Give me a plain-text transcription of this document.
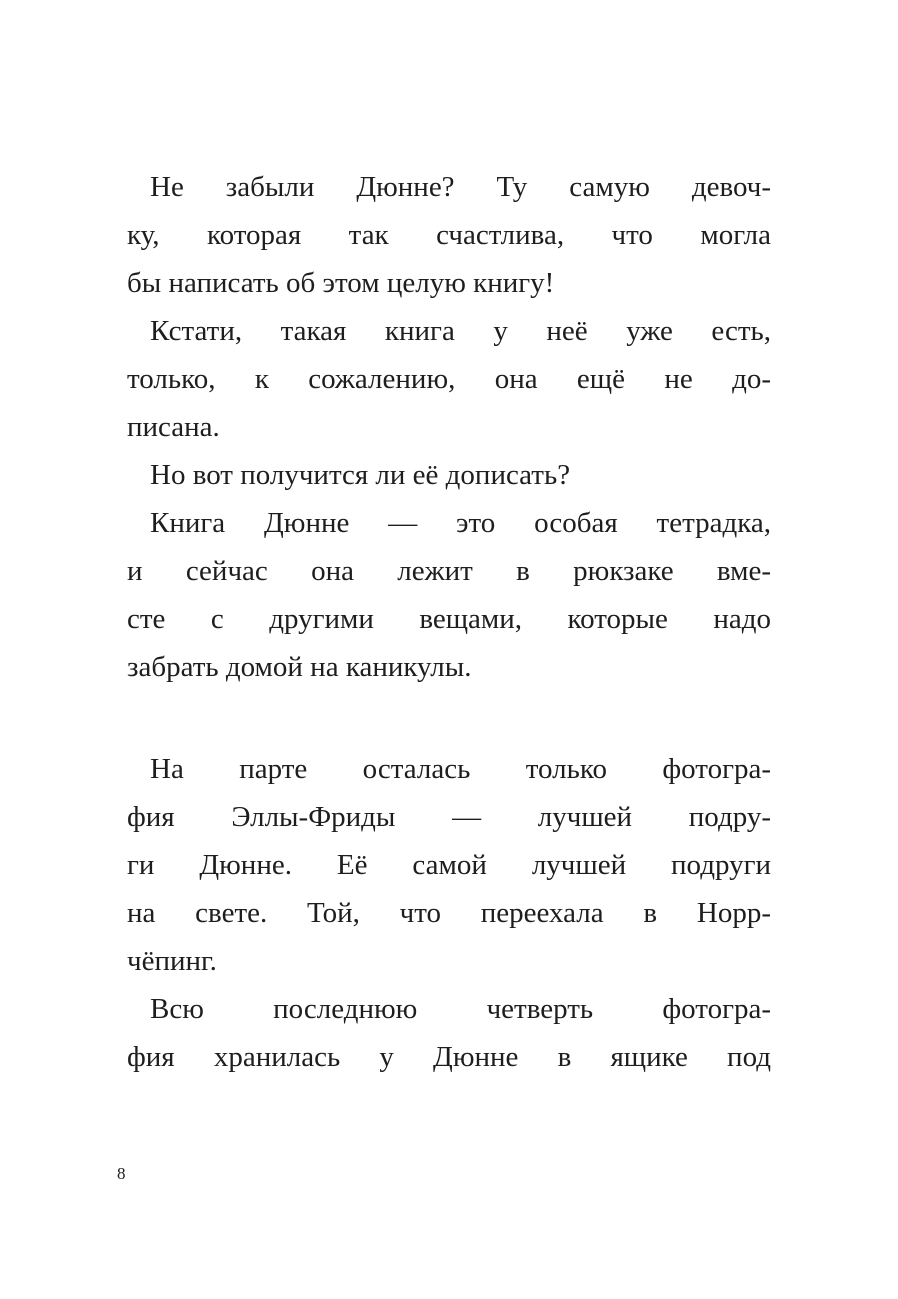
Не забыли Дюнне? Ту самую девоч-
ку, которая так счастлива, что могла
бы написать об этом целую книгу!

Кстати, такая книга у неё уже есть,
только, к сожалению, она ещё не до-
писана.

Но вот получится ли её дописать?

Книга Дюнне — это особая тетрадка,
и сейчас она лежит в рюкзаке вме-
сте с другими вещами, которые надо
забрать домой на каникулы.

На парте осталась только фотогра-
фия Эллы-Фриды — лучшей подру-
ги Дюнне. Её самой лучшей подруги
на свете. Той, что переехала в Норр-
чёпинг.

Всю последнюю четверть фотогра-
фия хранилась у Дюнне в ящике под

8
